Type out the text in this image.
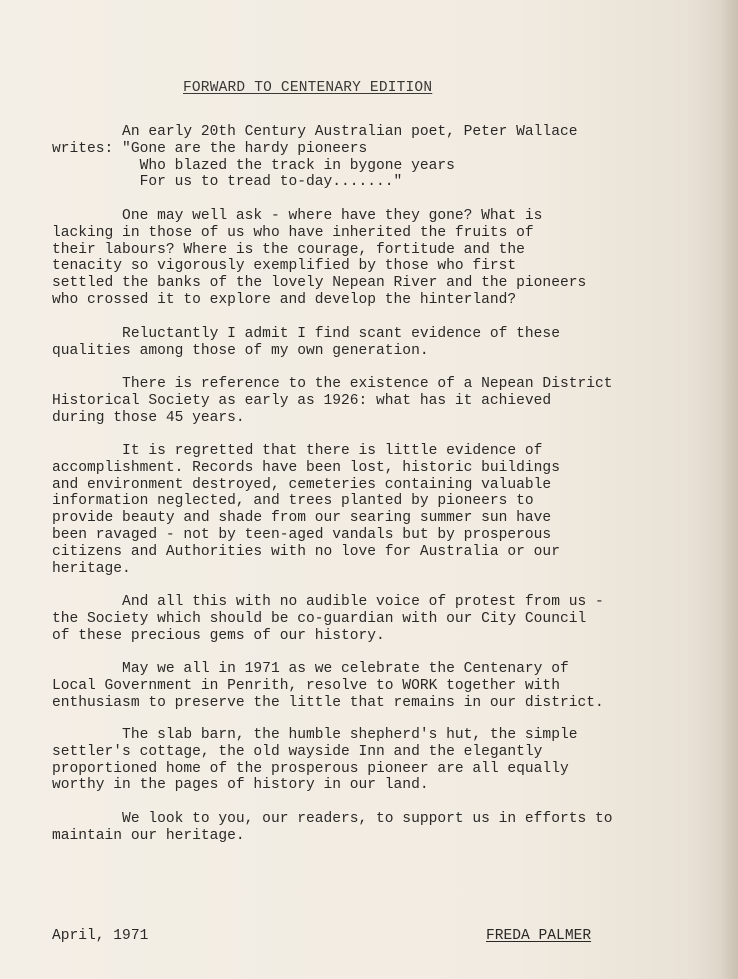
FORWARD TO CENTENARY EDITION

An early 20th Century Australian poet, Peter Wallace
writes: "Gone are the hardy pioneers
Who blazed the track in bygone years
For us to tread to-day......."

One may well ask - where have they gone? What is
lacking in those of us who have inherited the fruits of
their labours? Where is the courage, fortitude and the
tenacity so vigorously exemplified by those who first
settled the banks of the lovely Nepean River and the pioneers
who crossed it to explore and develop the hinterland?

Reluctantly I admit I find scant evidence of these
qualities among those of my own generation.

There is reference to the existence of a Nepean District
Historical Society as early as 1926: what has it achieved
during those 45 years.

It is regretted that there is little evidence of
accomplishment. Records have been lost, historic buildings
and environment destroyed, cemeteries containing valuable
information neglected, and trees planted by pioneers to
provide beauty and shade from our searing summer sun have
been ravaged - not by teen-aged vandals but by prosperous
citizens and Authorities with no love for Australia or our
heritage.

And all this with no audible voice of protest from us -
the Society which should be co-guardian with our City Council
of these precious gems of our history.

May we all in 1971 as we celebrate the Centenary of
Local Government in Penrith, resolve to WORK together with
enthusiasm to preserve the little that remains in our district.

The slab barn, the humble shepherd's hut, the simple
settler's cottage, the old wayside Inn and the elegantly
proportioned home of the prosperous pioneer are all equally
worthy in the pages of history in our land.

We look to you, our readers, to support us in efforts to
maintain our heritage.

April, 1971	FREDA PALMER
